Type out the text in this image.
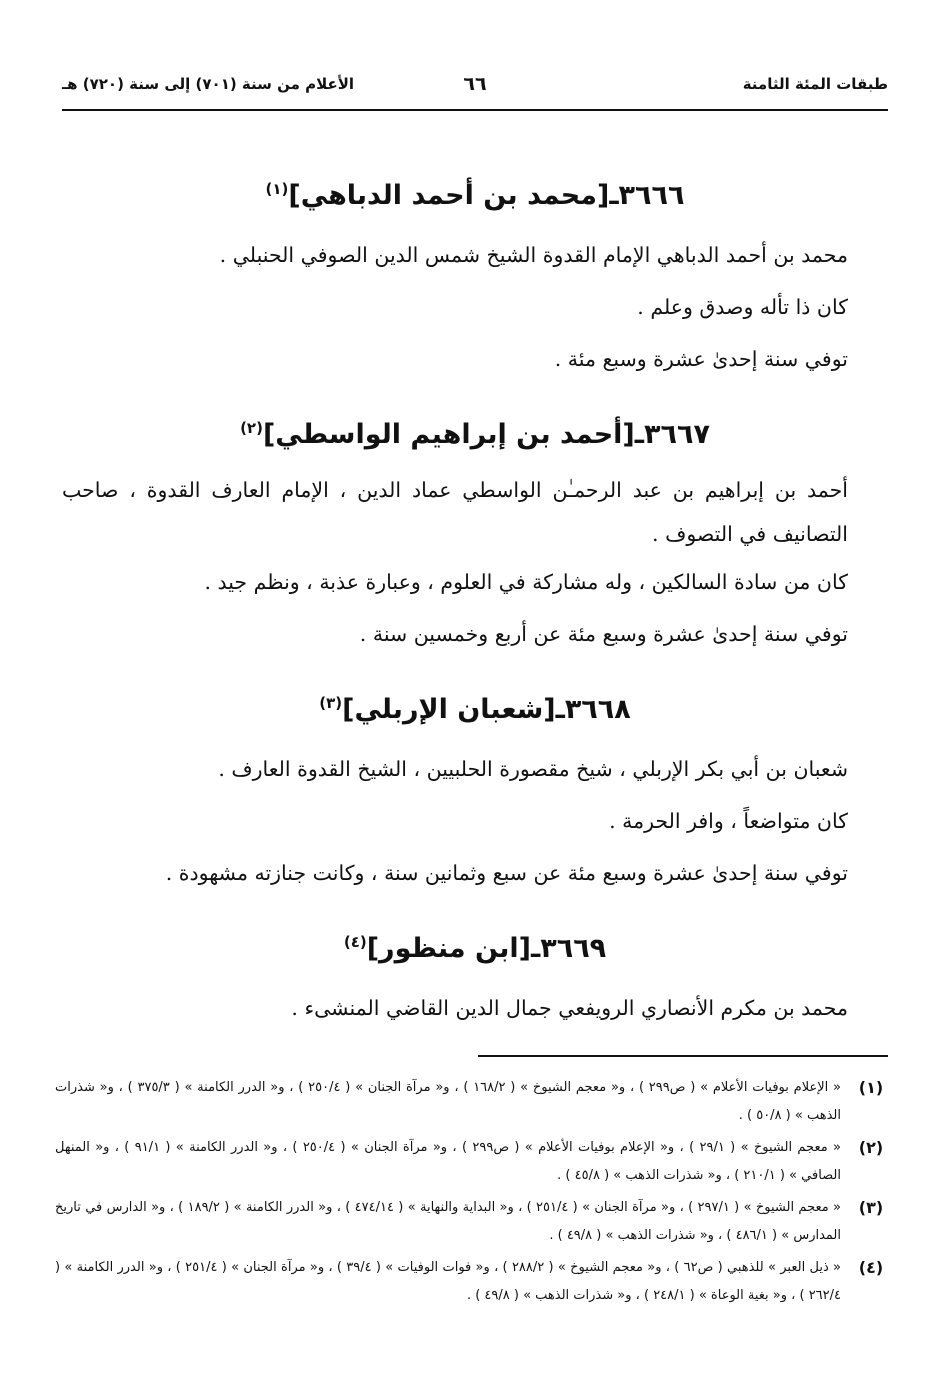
طبقات المئة الثامنة
٦٦
الأعلام من سنة (٧٠١) إلى سنة (٧٢٠) هـ
٣٦٦٦ـ[محمد بن أحمد الدباهي]$^{(١)}$

محمد بن أحمد الدباهي الإمام القدوة الشيخ شمس الدين الصوفي الحنبلي .

كان ذا تأله وصدق وعلم .

توفي سنة إحدىٰ عشرة وسبع مئة .

٣٦٦٧ـ[أحمد بن إبراهيم الواسطي]$^{(٢)}$

أحمد بن إبراهيم بن عبد الرحمـٰن الواسطي عماد الدين ، الإمام العارف القدوة ، صاحب التصانيف في التصوف .

كان من سادة السالكين ، وله مشاركة في العلوم ، وعبارة عذبة ، ونظم جيد .

توفي سنة إحدىٰ عشرة وسبع مئة عن أربع وخمسين سنة .

٣٦٦٨ـ[شعبان الإربلي]$^{(٣)}$

شعبان بن أبي بكر الإربلي ، شيخ مقصورة الحلبيين ، الشيخ القدوة العارف .

كان متواضعاً ، وافر الحرمة .

توفي سنة إحدىٰ عشرة وسبع مئة عن سبع وثمانين سنة ، وكانت جنازته مشهودة .

٣٦٦٩ـ[ابن منظور]$^{(٤)}$

محمد بن مكرم الأنصاري الرويفعي جمال الدين القاضي المنشىء .

(١)
« الإعلام بوفيات الأعلام » ( ص٢٩٩ ) ، و« معجم الشيوخ » ( ١٦٨/٢ ) ، و« مرآة الجنان » ( ٢٥٠/٤ ) ، و« الدرر الكامنة » ( ٣٧٥/٣ ) ، و« شذرات الذهب » ( ٥٠/٨ ) .
(٢)
« معجم الشيوخ » ( ٢٩/١ ) ، و« الإعلام بوفيات الأعلام » ( ص٢٩٩ ) ، و« مرآة الجنان » ( ٢٥٠/٤ ) ، و« الدرر الكامنة » ( ٩١/١ ) ، و« المنهل الصافي » ( ٢١٠/١ ) ، و« شذرات الذهب » ( ٤٥/٨ ) .
(٣)
« معجم الشيوخ » ( ٢٩٧/١ ) ، و« مرآة الجنان » ( ٢٥١/٤ ) ، و« البداية والنهاية » ( ٤٧٤/١٤ ) ، و« الدرر الكامنة » ( ١٨٩/٢ ) ، و« الدارس في تاريخ المدارس » ( ٤٨٦/١ ) ، و« شذرات الذهب » ( ٤٩/٨ ) .
(٤)
« ذيل العبر » للذهبي ( ص٦٢ ) ، و« معجم الشيوخ » ( ٢٨٨/٢ ) ، و« فوات الوفيات » ( ٣٩/٤ ) ، و« مرآة الجنان » ( ٢٥١/٤ ) ، و« الدرر الكامنة » ( ٢٦٢/٤ ) ، و« بغية الوعاة » ( ٢٤٨/١ ) ، و« شذرات الذهب » ( ٤٩/٨ ) .
